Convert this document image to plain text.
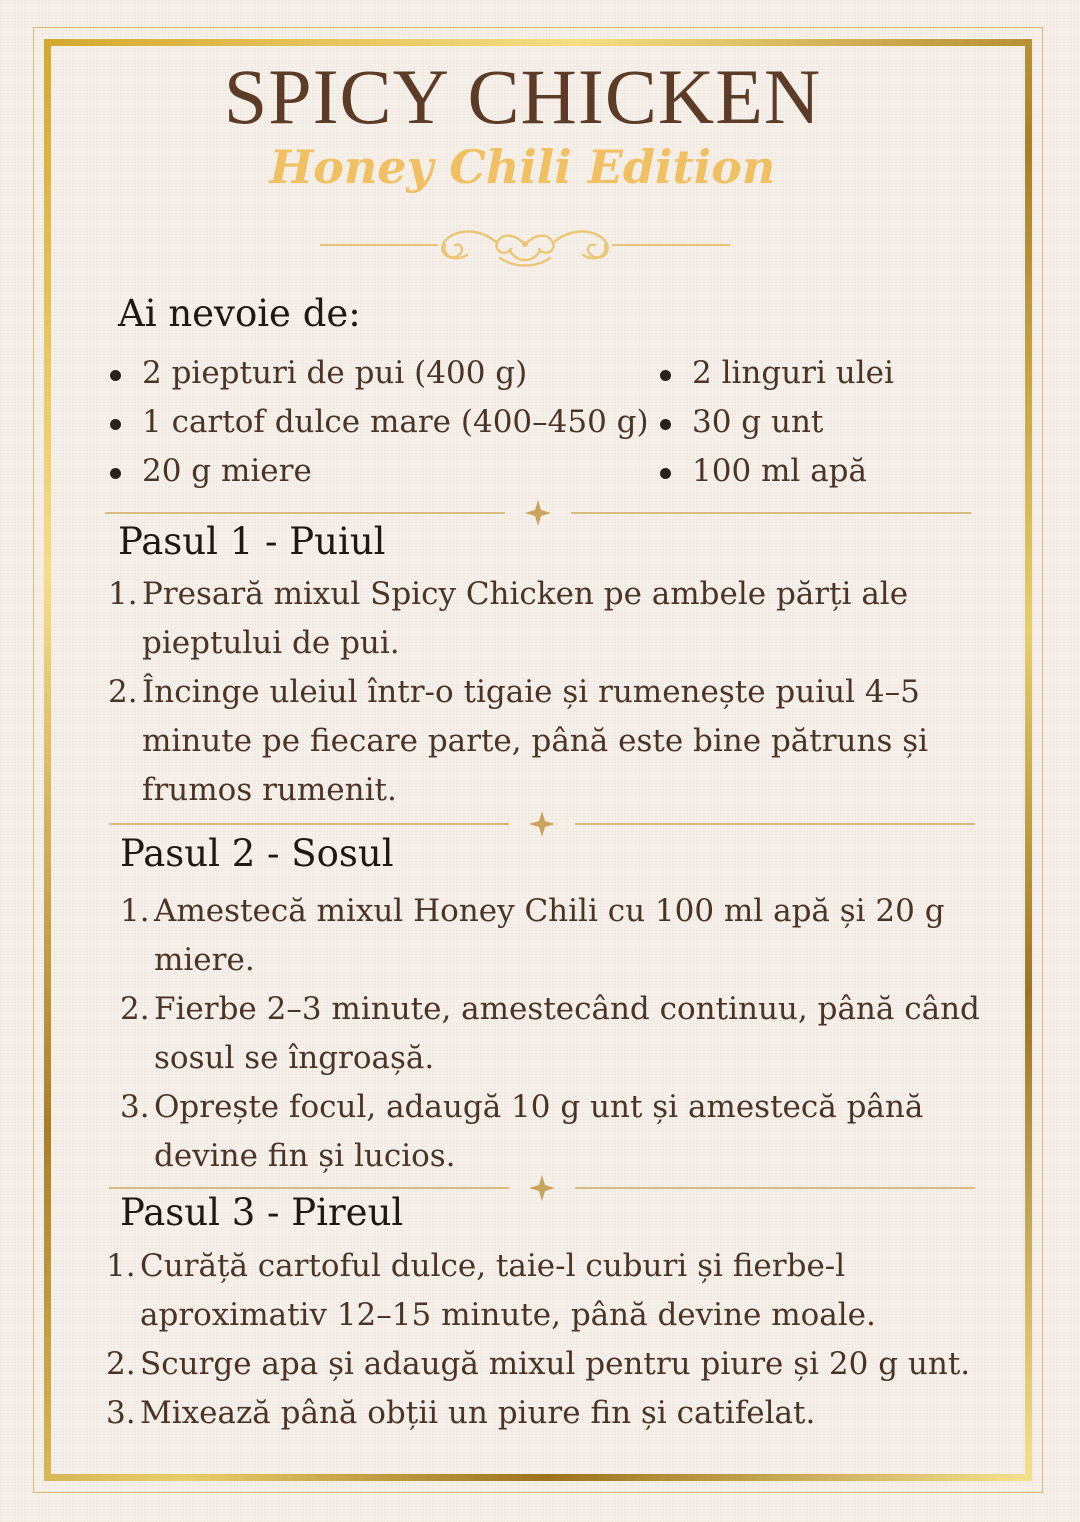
SPICY CHICKEN
Honey Chili Edition
Ai nevoie de:
2 piepturi de pui (400 g)
1 cartof dulce mare (400–450 g)
20 g miere
2 linguri ulei
30 g unt
100 ml apă
Pasul 1 - Puiul
1. Presară mixul Spicy Chicken pe ambele părți ale pieptului de pui.
2. Încinge uleiul într-o tigaie și rumenește puiul 4–5 minute pe fiecare parte, până este bine pătruns și frumos rumenit.
Pasul 2 - Sosul
1. Amestecă mixul Honey Chili cu 100 ml apă și 20 g miere.
2. Fierbe 2–3 minute, amestecând continuu, până când sosul se îngroașă.
3. Oprește focul, adaugă 10 g unt și amestecă până devine fin și lucios.
Pasul 3 - Pireul
1. Curăță cartoful dulce, taie-l cuburi și fierbe-l aproximativ 12–15 minute, până devine moale.
2. Scurge apa și adaugă mixul pentru piure și 20 g unt.
3. Mixează până obții un piure fin și catifelat.
